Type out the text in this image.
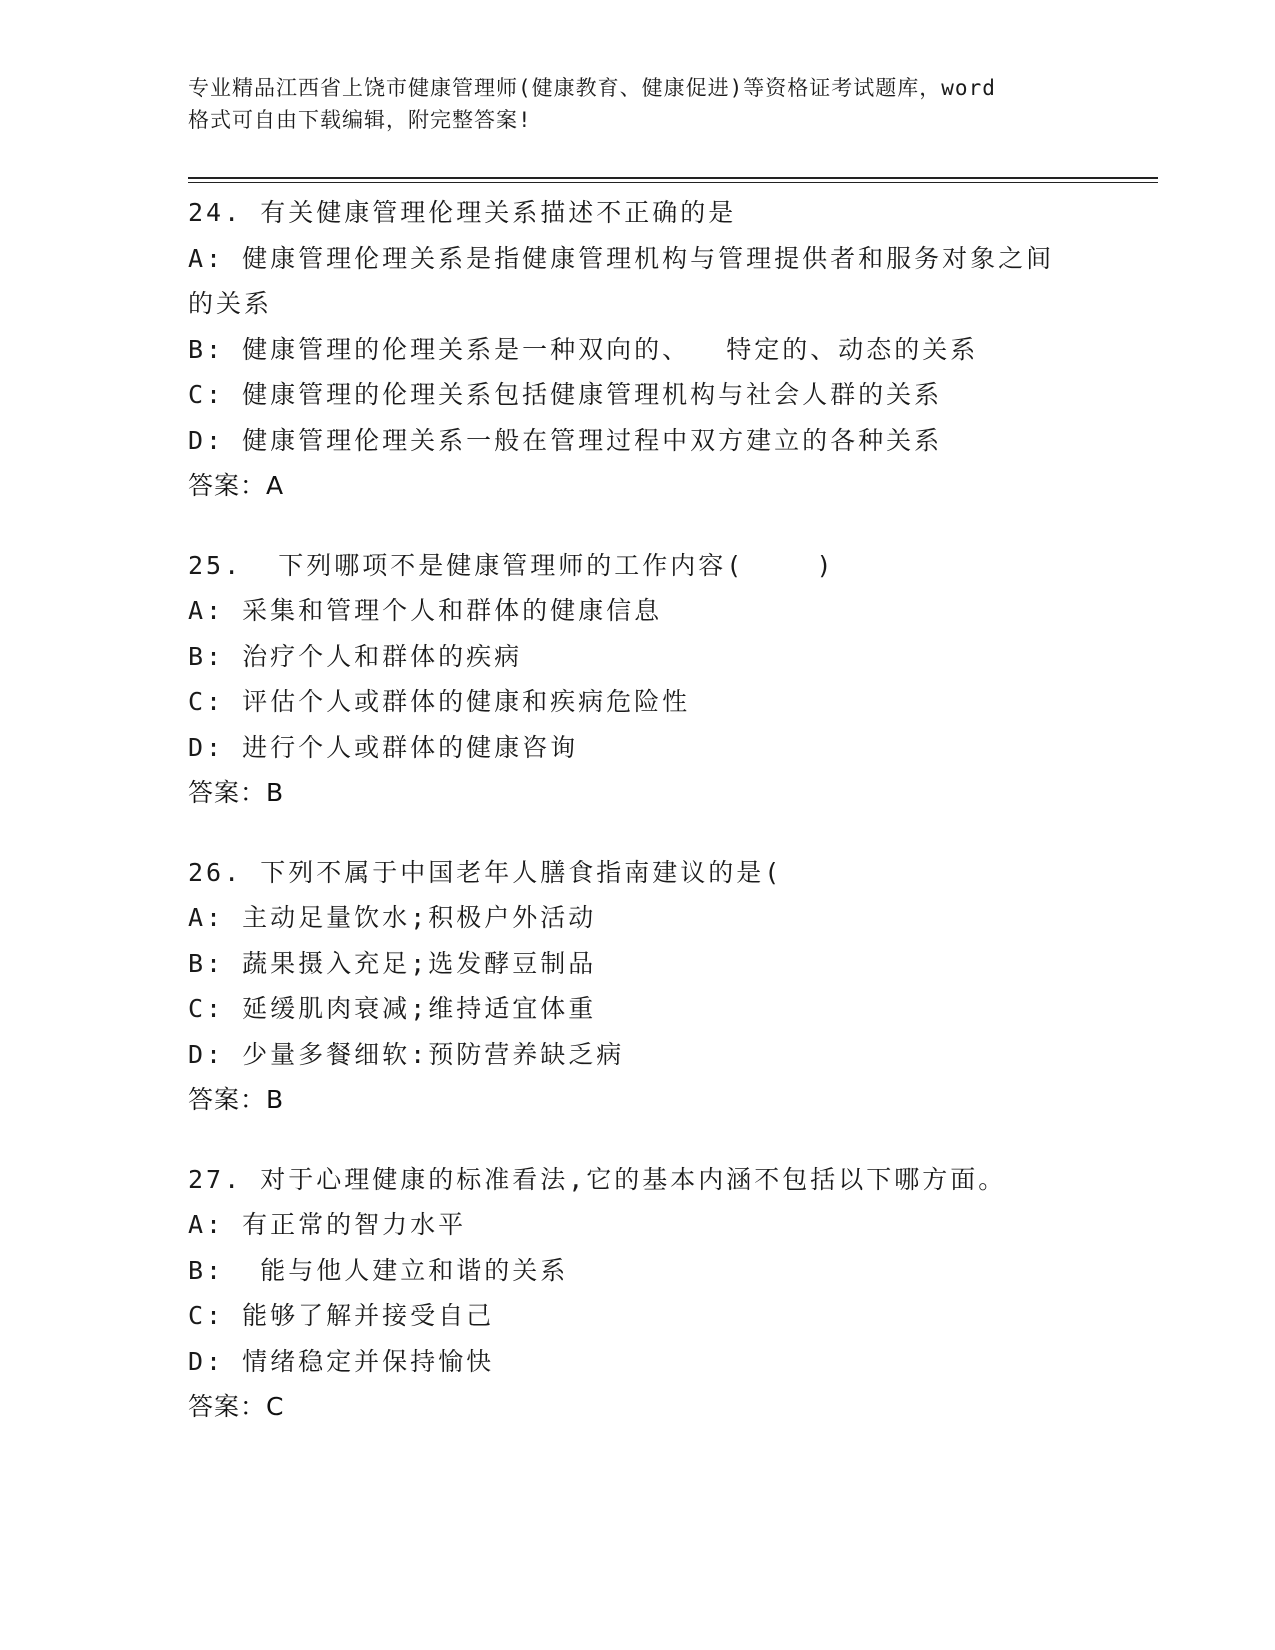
专业精品江西省上饶市健康管理师(健康教育、健康促进)等资格证考试题库，word
格式可自由下载编辑，附完整答案!
24. 有关健康管理伦理关系描述不正确的是
A: 健康管理伦理关系是指健康管理机构与管理提供者和服务对象之间
的关系
B: 健康管理的伦理关系是一种双向的、  特定的、动态的关系
C: 健康管理的伦理关系包括健康管理机构与社会人群的关系
D: 健康管理伦理关系一般在管理过程中双方建立的各种关系
答案：A
25.  下列哪项不是健康管理师的工作内容(    )
A: 采集和管理个人和群体的健康信息
B: 治疗个人和群体的疾病
C: 评估个人或群体的健康和疾病危险性
D: 进行个人或群体的健康咨询
答案：B
26. 下列不属于中国老年人膳食指南建议的是(
A: 主动足量饮水;积极户外活动
B: 蔬果摄入充足;选发酵豆制品
C: 延缓肌肉衰减;维持适宜体重
D: 少量多餐细软:预防营养缺乏病
答案：B
27. 对于心理健康的标准看法,它的基本内涵不包括以下哪方面。
A: 有正常的智力水平
B:  能与他人建立和谐的关系
C: 能够了解并接受自己
D: 情绪稳定并保持愉快
答案：C
